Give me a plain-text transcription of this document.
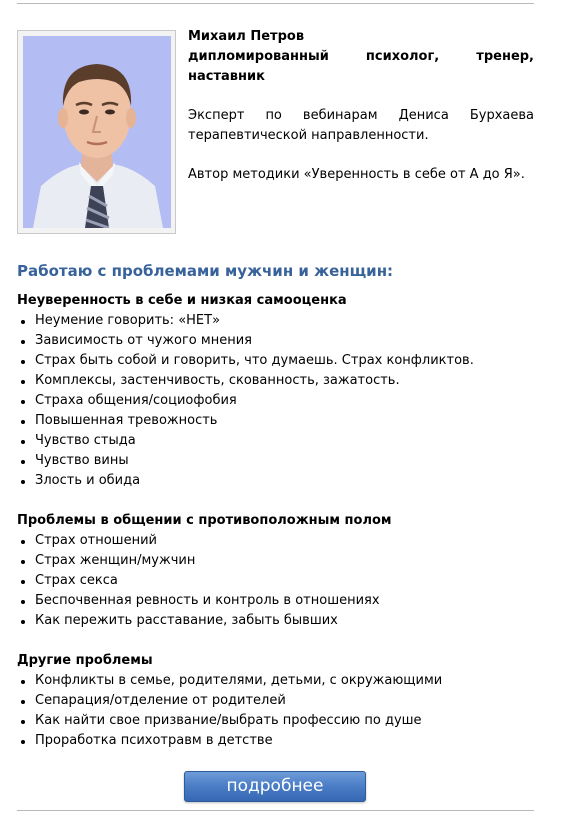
Михаил Петров
дипломированный психолог, тренер,
наставник

Эксперт по вебинарам Дениса Бурхаева

терапевтической направленности.

Автор методики «Уверенность в себе от А до Я».

Работаю с проблемами мужчин и женщин:
Неуверенность в себе и низкая самооценка
Неумение говорить: «НЕТ»
Зависимость от чужого мнения
Страх быть собой и говорить, что думаешь. Страх конфликтов.
Комплексы, застенчивость, скованность, зажатость.
Страха общения/социофобия
Повышенная тревожность
Чувство стыда
Чувство вины
Злость и обида
Проблемы в общении с противоположным полом
Страх отношений
Страх женщин/мужчин
Страх секса
Беспочвенная ревность и контроль в отношениях
Как пережить расставание, забыть бывших
Другие проблемы
Конфликты в семье, родителями, детьми, с окружающими
Сепарация/отделение от родителей
Как найти свое призвание/выбрать профессию по душе
Проработка психотравм в детстве
подробнее
